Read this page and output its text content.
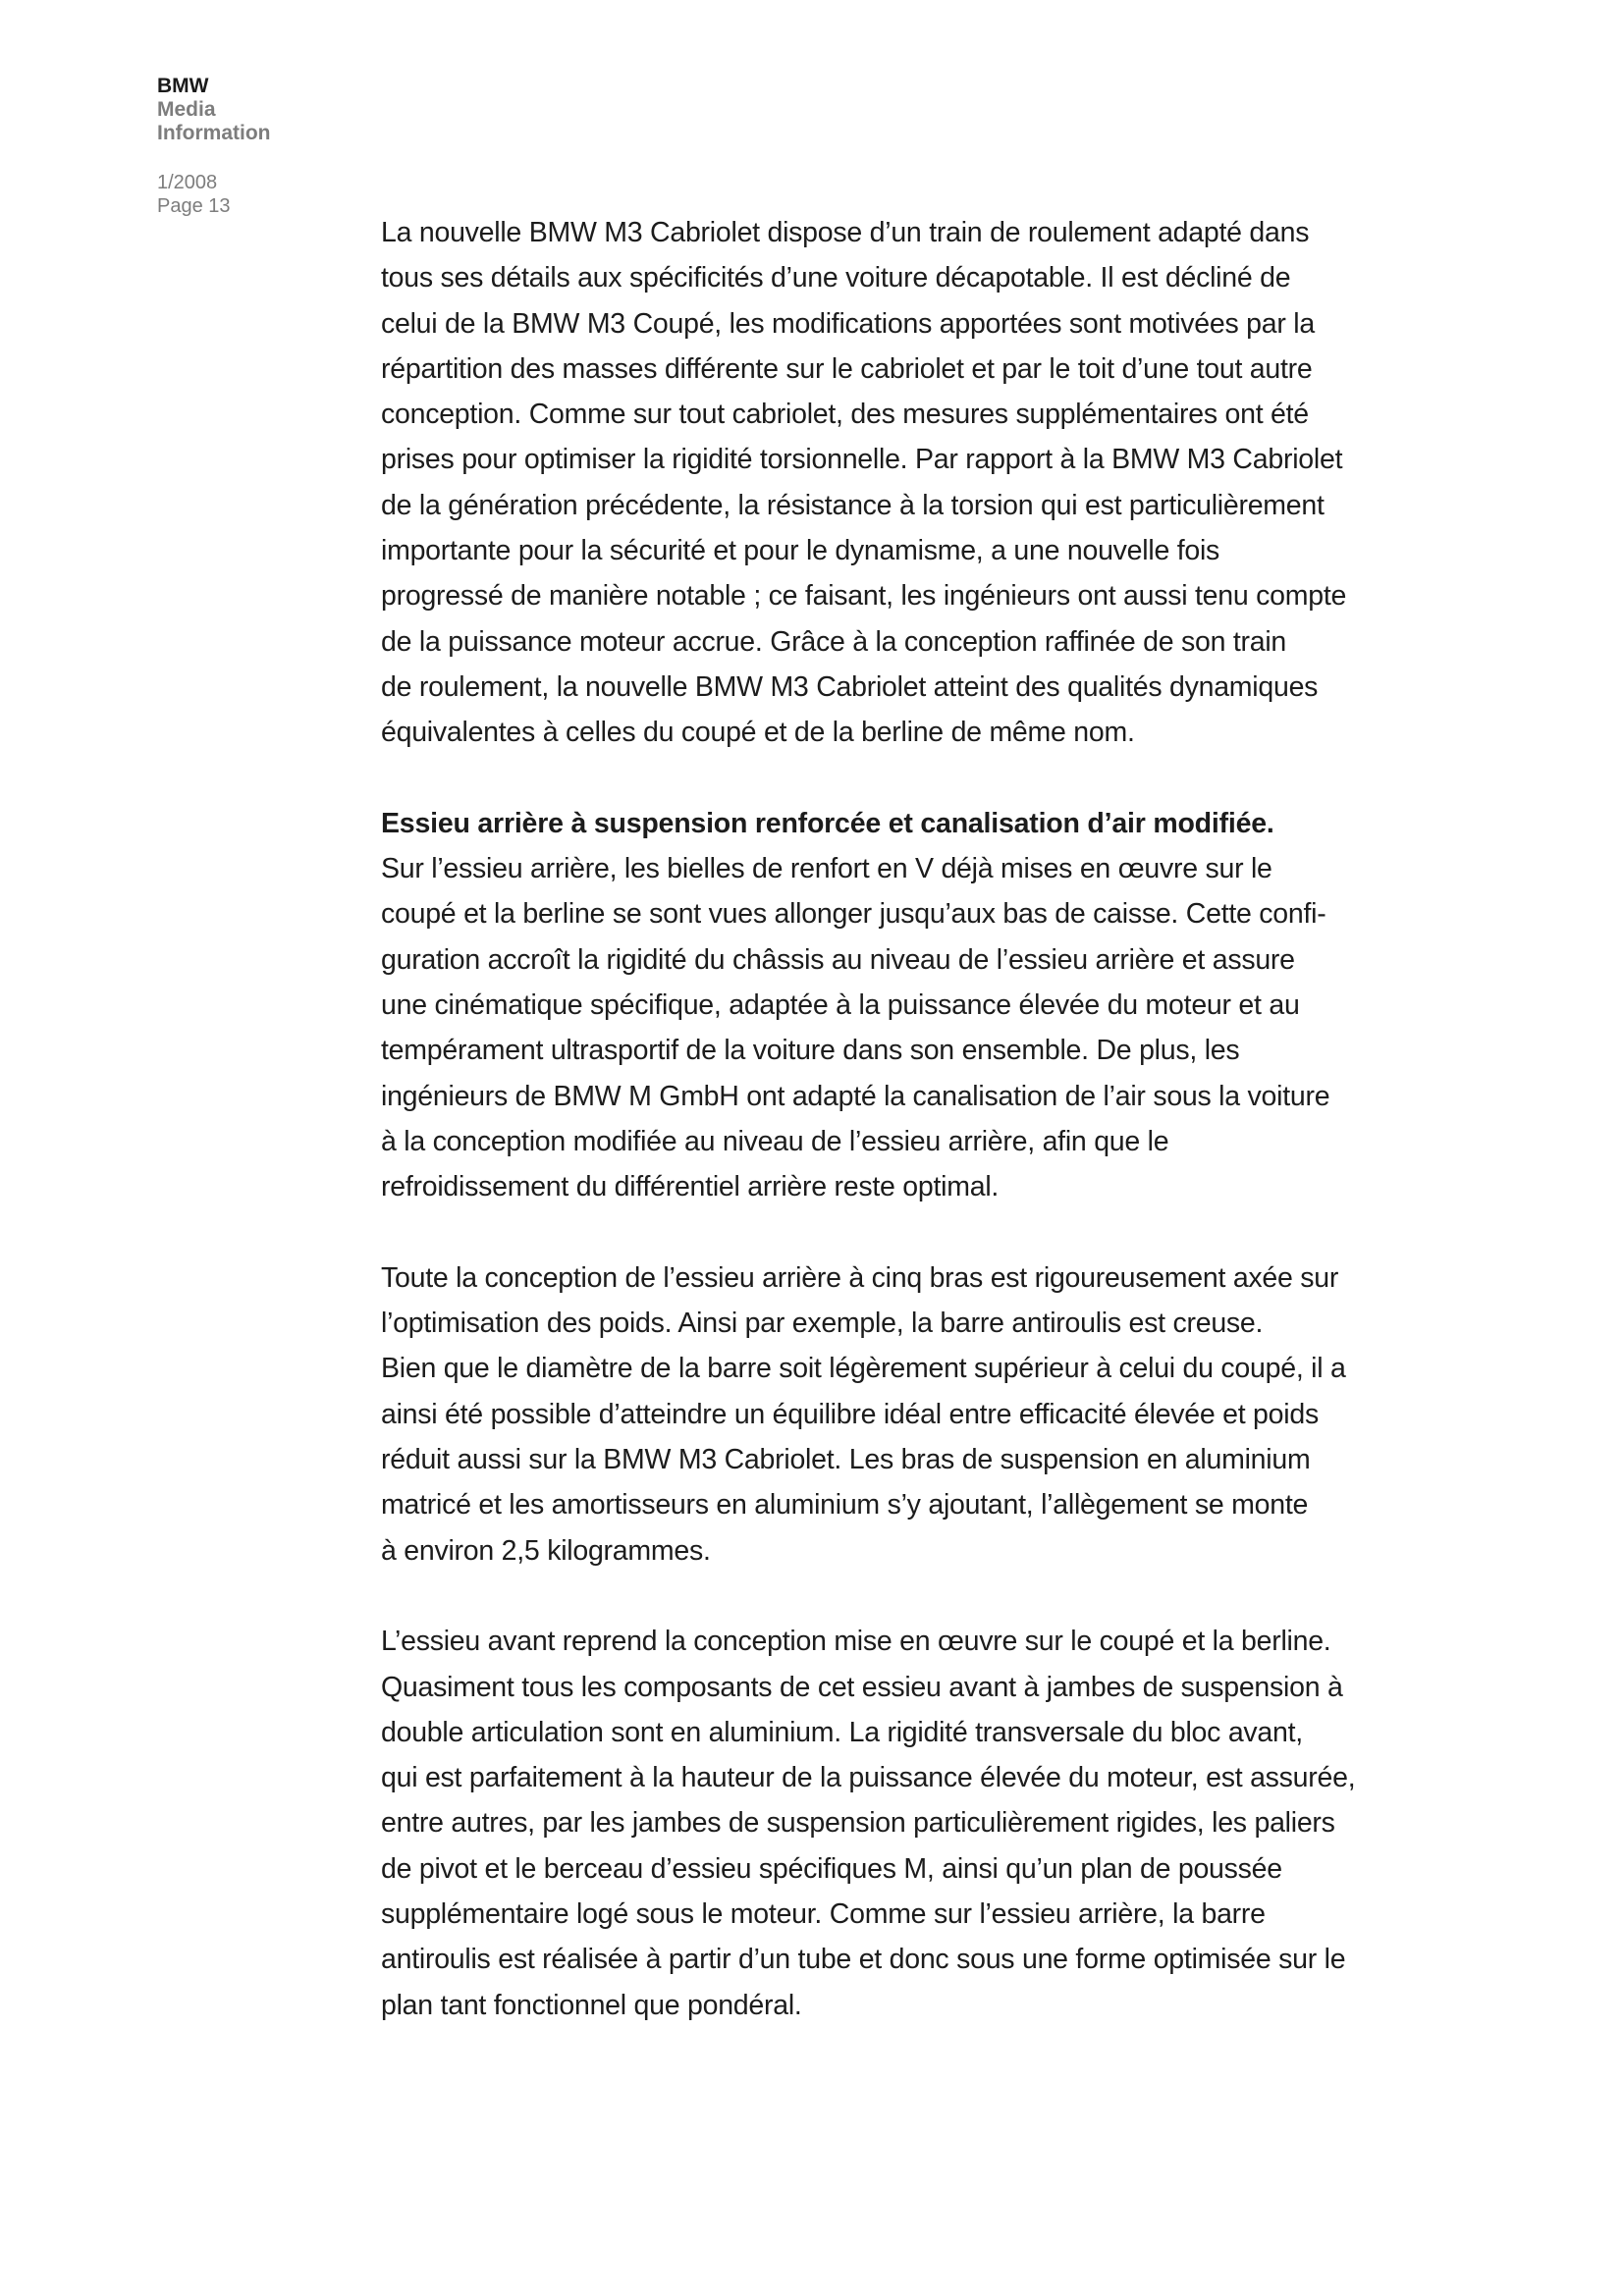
BMW
Media
Information
1/2008
Page 13
La nouvelle BMW M3 Cabriolet dispose d’un train de roulement adapté dans
tous ses détails aux spécificités d’une voiture décapotable. Il est décliné de
celui de la BMW M3 Coupé, les modifications apportées sont motivées par la
répartition des masses différente sur le cabriolet et par le toit d’une tout autre
conception. Comme sur tout cabriolet, des mesures supplémentaires ont été
prises pour optimiser la rigidité torsionnelle. Par rapport à la BMW M3 Cabriolet
de la génération précédente, la résistance à la torsion qui est particulièrement
importante pour la sécurité et pour le dynamisme, a une nouvelle fois
progressé de manière notable ; ce faisant, les ingénieurs ont aussi tenu compte
de la puissance moteur accrue. Grâce à la conception raffinée de son train
de roulement, la nouvelle BMW M3 Cabriolet atteint des qualités dynamiques
équivalentes à celles du coupé et de la berline de même nom.
Essieu arrière à suspension renforcée et canalisation d’air modifiée.
Sur l’essieu arrière, les bielles de renfort en V déjà mises en œuvre sur le
coupé et la berline se sont vues allonger jusqu’aux bas de caisse. Cette confi-
guration accroît la rigidité du châssis au niveau de l’essieu arrière et assure
une cinématique spécifique, adaptée à la puissance élevée du moteur et au
tempérament ultrasportif de la voiture dans son ensemble. De plus, les
ingénieurs de BMW M GmbH ont adapté la canalisation de l’air sous la voiture
à la conception modifiée au niveau de l’essieu arrière, afin que le
refroidissement du différentiel arrière reste optimal.
Toute la conception de l’essieu arrière à cinq bras est rigoureusement axée sur
l’optimisation des poids. Ainsi par exemple, la barre antiroulis est creuse.
Bien que le diamètre de la barre soit légèrement supérieur à celui du coupé, il a
ainsi été possible d’atteindre un équilibre idéal entre efficacité élevée et poids
réduit aussi sur la BMW M3 Cabriolet. Les bras de suspension en aluminium
matricé et les amortisseurs en aluminium s’y ajoutant, l’allègement se monte
à environ 2,5 kilogrammes.
L’essieu avant reprend la conception mise en œuvre sur le coupé et la berline.
Quasiment tous les composants de cet essieu avant à jambes de suspension à
double articulation sont en aluminium. La rigidité transversale du bloc avant,
qui est parfaitement à la hauteur de la puissance élevée du moteur, est assurée,
entre autres, par les jambes de suspension particulièrement rigides, les paliers
de pivot et le berceau d’essieu spécifiques M, ainsi qu’un plan de poussée
supplémentaire logé sous le moteur. Comme sur l’essieu arrière, la barre
antiroulis est réalisée à partir d’un tube et donc sous une forme optimisée sur le
plan tant fonctionnel que pondéral.
